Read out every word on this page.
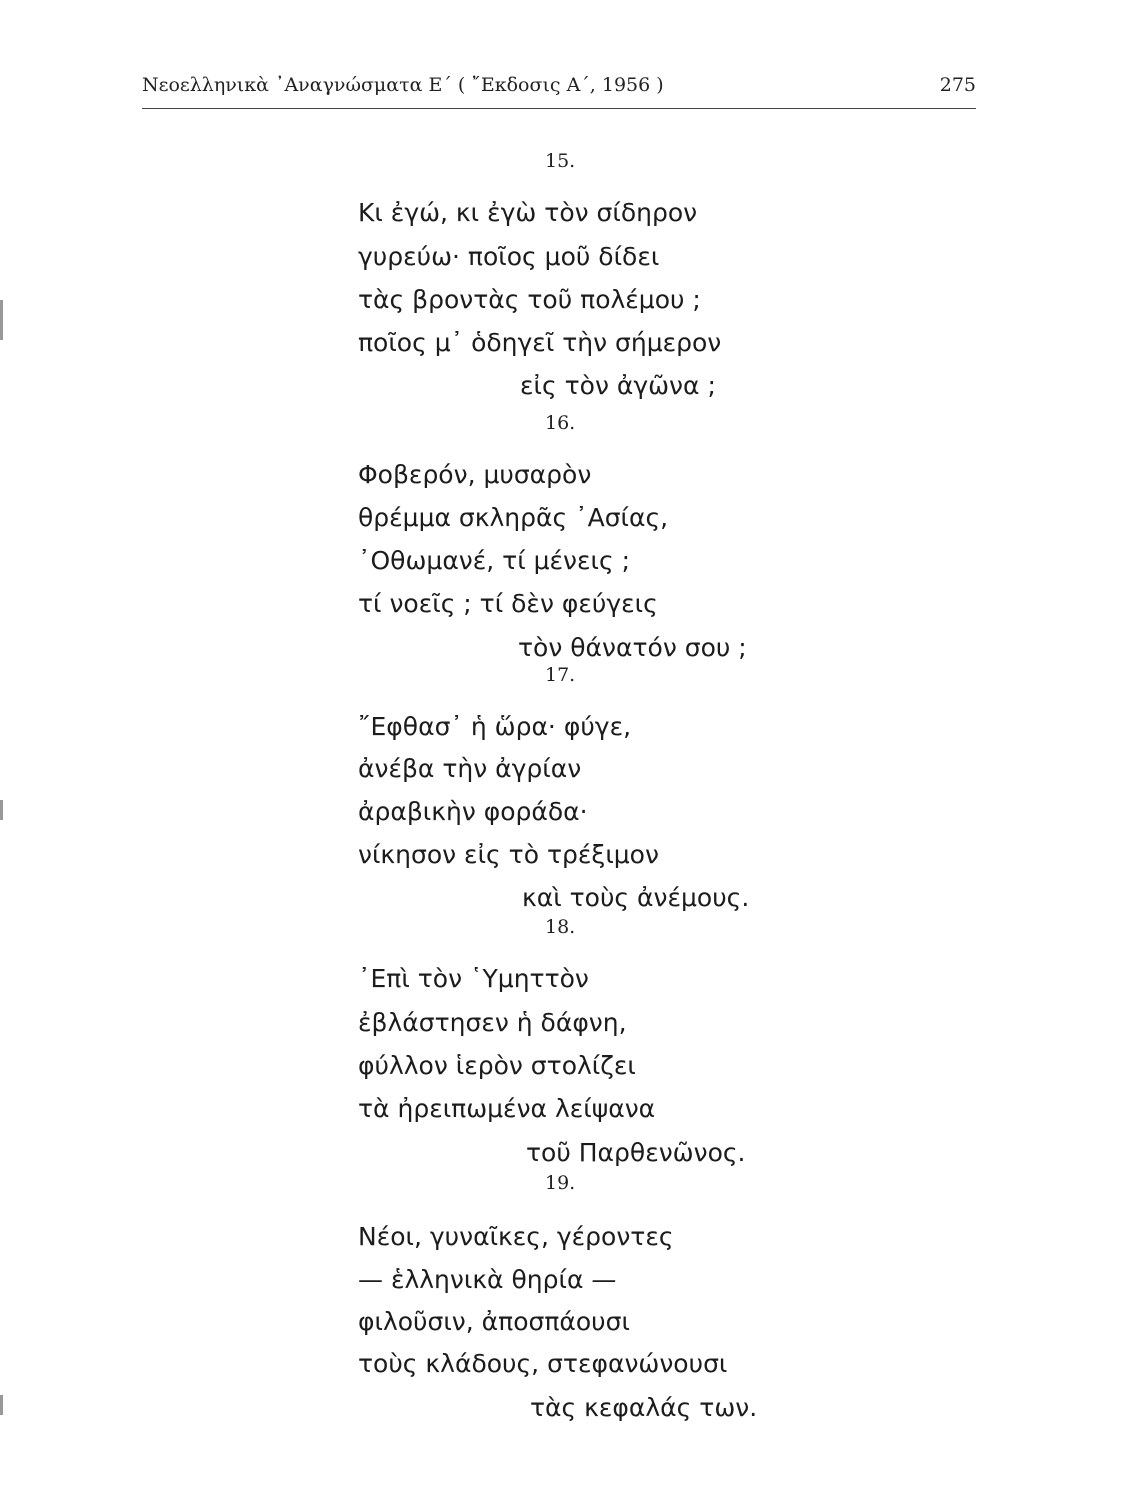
Νεοελληνικὰ ᾿Αναγνώσματα Ε΄ ( ῎Εκδοσις Α΄, 1956 )	275
15.
Κι ἐγώ, κι ἐγὼ τὸν σίδηρον
γυρεύω· ποῖος μοῦ δίδει
τὰς βροντὰς τοῦ πολέμου ;
ποῖος μ᾿ ὁδηγεῖ τὴν σήμερον
εἰς τὸν ἀγῶνα ;
16.
Φοβερόν, μυσαρὸν
θρέμμα σκληρᾶς ᾿Ασίας,
᾿Οθωμανέ, τί μένεις ;
τί νοεῖς ; τί δὲν φεύγεις
τὸν θάνατόν σου ;
17.
῎Εφθασ᾿ ἡ ὥρα· φύγε,
ἀνέβα τὴν ἀγρίαν
ἀραβικὴν φοράδα·
νίκησον εἰς τὸ τρέξιμον
καὶ τοὺς ἀνέμους.
18.
᾿Επὶ τὸν ῾Υμηττὸν
ἐβλάστησεν ἡ δάφνη,
φύλλον ἱερὸν στολίζει
τὰ ἠρειπωμένα λείψανα
τοῦ Παρθενῶνος.
19.
Νέοι, γυναῖκες, γέροντες
— ἑλληνικὰ θηρία —
φιλοῦσιν, ἀποσπάουσι
τοὺς κλάδους, στεφανώνουσι
τὰς κεφαλάς των.
